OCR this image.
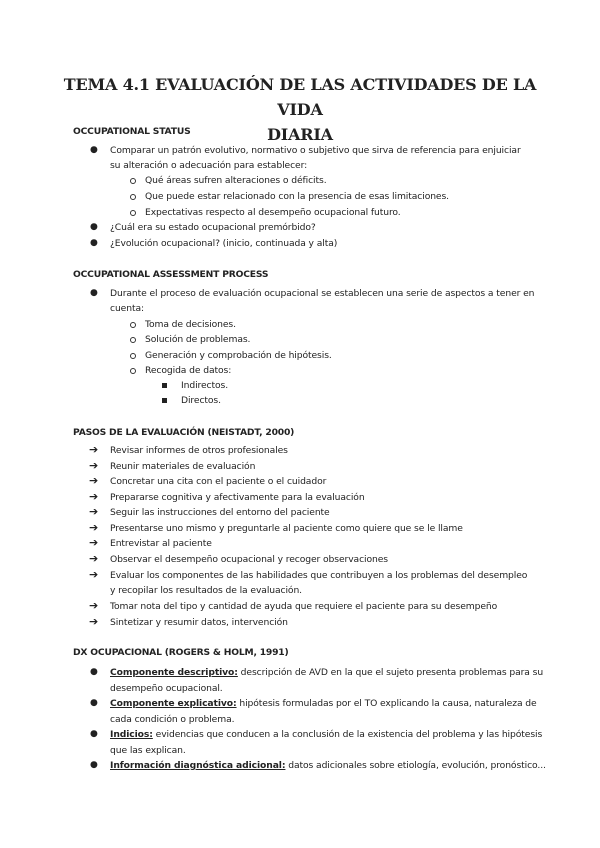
TEMA 4.1 EVALUACIÓN DE LAS ACTIVIDADES DE LA VIDA
DIARIA
OCCUPATIONAL STATUS
● Comparar un patrón evolutivo, normativo o subjetivo que sirva de referencia para enjuiciar
su alteración o adecuación para establecer:
Qué áreas sufren alteraciones o déficits.
Que puede estar relacionado con la presencia de esas limitaciones.
Expectativas respecto al desempeño ocupacional futuro.
● ¿Cuál era su estado ocupacional premórbido?
● ¿Evolución ocupacional? (inicio, continuada y alta)
OCCUPATIONAL ASSESSMENT PROCESS
● Durante el proceso de evaluación ocupacional se establecen una serie de aspectos a tener en
cuenta:
Toma de decisiones.
Solución de problemas.
Generación y comprobación de hipótesis.
Recogida de datos:
Indirectos.
Directos.
PASOS DE LA EVALUACIÓN (NEISTADT, 2000)
➔ Revisar informes de otros profesionales
➔ Reunir materiales de evaluación
➔ Concretar una cita con el paciente o el cuidador
➔ Prepararse cognitiva y afectivamente para la evaluación
➔ Seguir las instrucciones del entorno del paciente
➔ Presentarse uno mismo y preguntarle al paciente como quiere que se le llame
➔ Entrevistar al paciente
➔ Observar el desempeño ocupacional y recoger observaciones
➔ Evaluar los componentes de las habilidades que contribuyen a los problemas del desempleo
y recopilar los resultados de la evaluación.
➔ Tomar nota del tipo y cantidad de ayuda que requiere el paciente para su desempeño
➔ Sintetizar y resumir datos, intervención
DX OCUPACIONAL (ROGERS & HOLM, 1991)
● Componente descriptivo: descripción de AVD en la que el sujeto presenta problemas para su
desempeño ocupacional.
● Componente explicativo: hipótesis formuladas por el TO explicando la causa, naturaleza de
cada condición o problema.
● Indicios: evidencias que conducen a la conclusión de la existencia del problema y las hipótesis
que las explican.
● Información diagnóstica adicional: datos adicionales sobre etiología, evolución, pronóstico...
